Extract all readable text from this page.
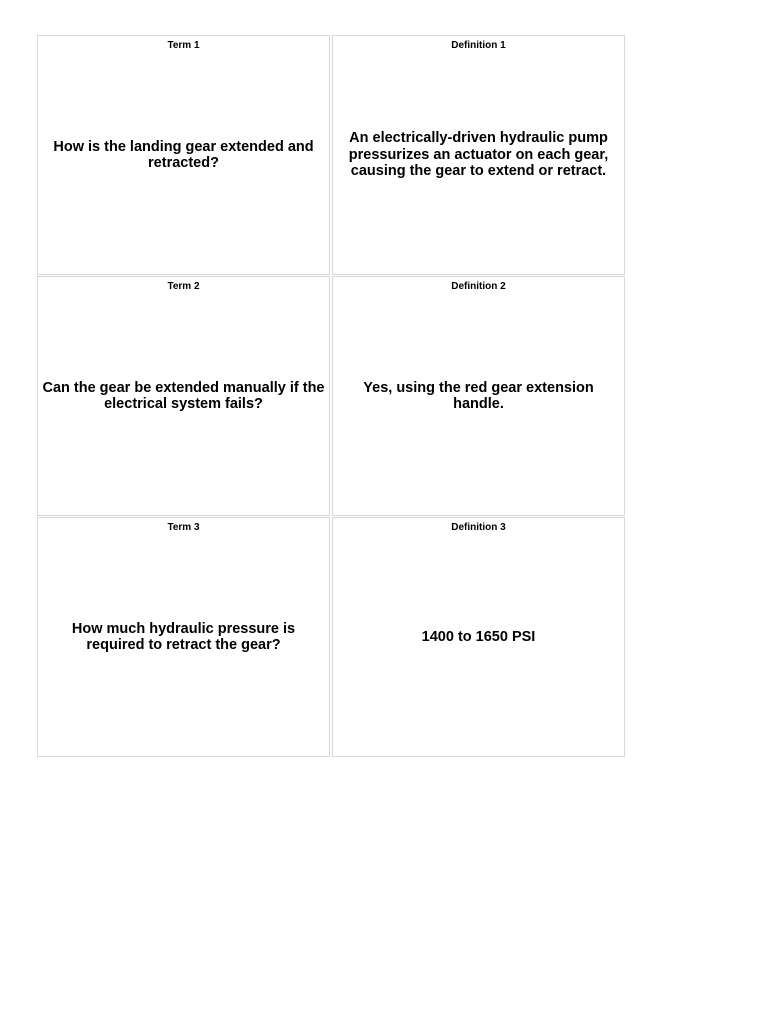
Term 1
How is the landing gear extended and retracted?
Definition 1
An electrically-driven hydraulic pump pressurizes an actuator on each gear, causing the gear to extend or retract.
Term 2
Can the gear be extended manually if the electrical system fails?
Definition 2
Yes, using the red gear extension handle.
Term 3
How much hydraulic pressure is required to retract the gear?
Definition 3
1400 to 1650 PSI
